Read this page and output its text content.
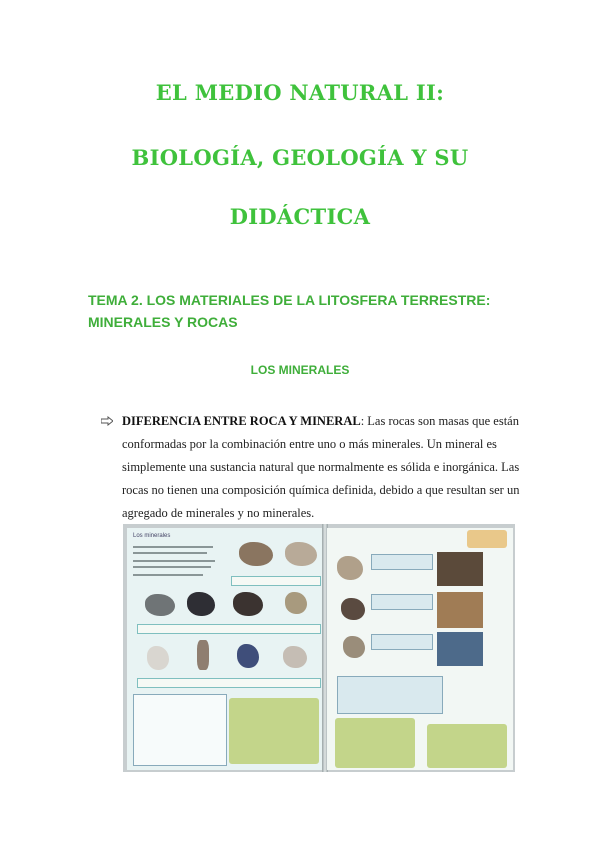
EL MEDIO NATURAL II:
BIOLOGÍA, GEOLOGÍA Y SU
DIDÁCTICA

TEMA 2. LOS MATERIALES DE LA LITOSFERA TERRESTRE: MINERALES Y ROCAS

LOS MINERALES

DIFERENCIA ENTRE ROCA Y MINERAL: Las rocas son masas que están conformadas por la combinación entre uno o más minerales. Un mineral es simplemente una sustancia natural que normalmente es sólida e inorgánica. Las rocas no tienen una composición química definida, debido a que resultan ser un agregado de minerales y no minerales.

Los minerales
